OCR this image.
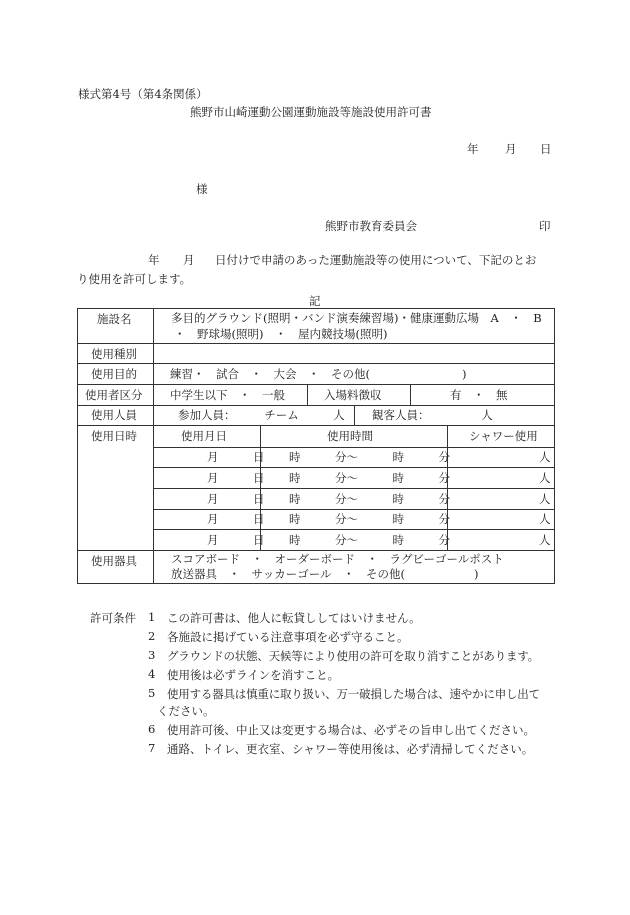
様式第4号（第4条関係）
熊野市山崎運動公園運動施設等施設使用許可書
年 月 日
様
熊野市教育委員会	印
年 月 日付けで申請のあった運動施設等の使用について、下記のとお
り使用を許可します。
記
施設名	多目的グラウンド(照明・バンド演奏練習場)・健康運動広場　A　・　B
・　野球場(照明)　・　屋内競技場(照明)
使用種別
使用目的	練習・　試合　・　大会　・　その他(　　　　　　　　)
使用者区分 中学生以下　・　一般	入場料徴収	有　・　無
使用人員	参加人員：　　　チーム　　　人 観客人員：　　　　　人
使用日時	使用月日	使用時間	シャワー使用
月　　　日 時　　　分～　　　時　　　分	人
月　　　日 時　　　分～　　　時　　　分	人
月　　　日 時　　　分～　　　時　　　分	人
月　　　日 時　　　分～　　　時　　　分	人
月　　　日 時　　　分～　　　時　　　分	人
使用器具	スコアボード　・　オーダーボード　・　ラグビーゴールポスト
放送器具　・　サッカーゴール　・　その他(　　　　　　)
許可条件 1 この許可書は、他人に転貸ししてはいけません。
2 各施設に掲げている注意事項を必ず守ること。
3 グラウンドの状態、天候等により使用の許可を取り消すことがあります。
4 使用後は必ずラインを消すこと。
5 使用する器具は慎重に取り扱い、万一破損した場合は、速やかに申し出て
ください。
6 使用許可後、中止又は変更する場合は、必ずその旨申し出てください。
7 通路、トイレ、更衣室、シャワー等使用後は、必ず清掃してください。
